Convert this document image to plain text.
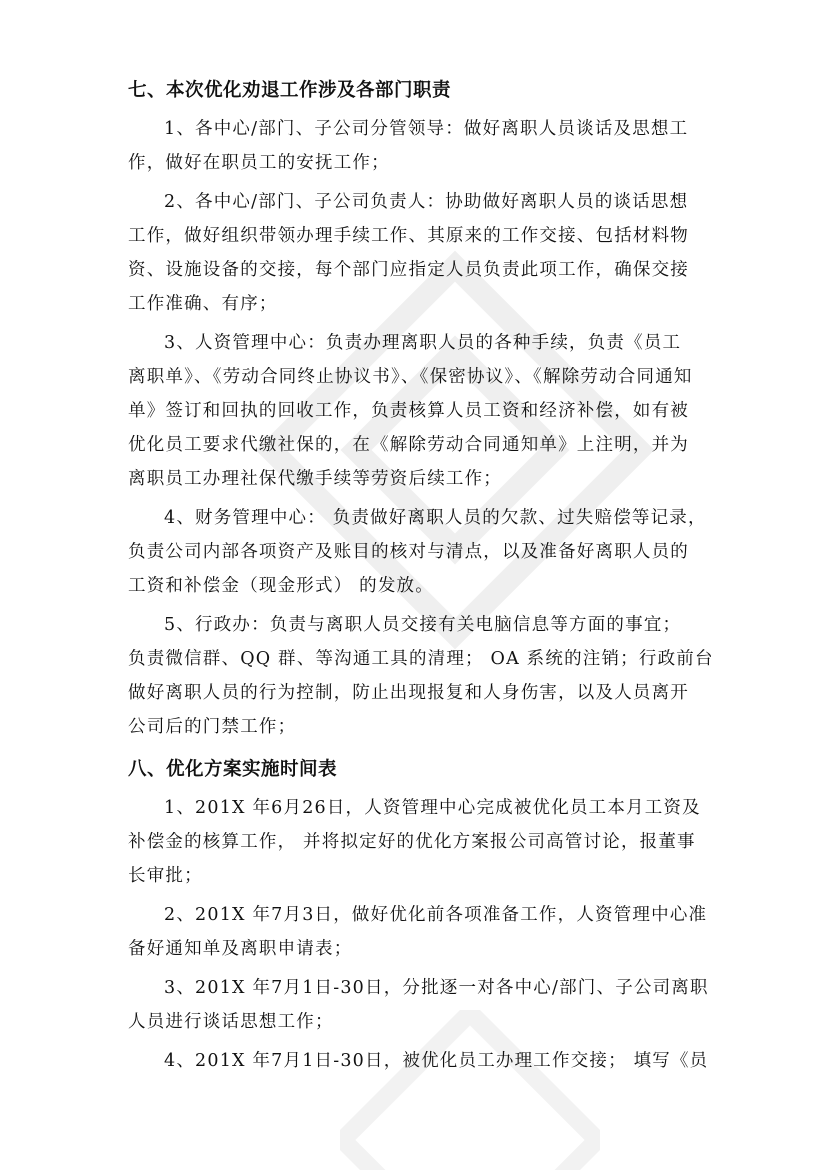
七、本次优化劝退工作涉及各部门职责

1、各中心/部门、子公司分管领导：做好离职人员谈话及思想工
作，做好在职员工的安抚工作；

2、各中心/部门、子公司负责人：协助做好离职人员的谈话思想
工作，做好组织带领办理手续工作、其原来的工作交接、包括材料物
资、设施设备的交接，每个部门应指定人员负责此项工作，确保交接
工作准确、有序；

3、人资管理中心：负责办理离职人员的各种手续，负责《员工
离职单》、《劳动合同终止协议书》、《保密协议》、《解除劳动合同通知
单》签订和回执的回收工作，负责核算人员工资和经济补偿，如有被
优化员工要求代缴社保的，在《解除劳动合同通知单》上注明，并为
离职员工办理社保代缴手续等劳资后续工作；

4、财务管理中心： 负责做好离职人员的欠款、过失赔偿等记录，
负责公司内部各项资产及账目的核对与清点，以及准备好离职人员的
工资和补偿金（现金形式） 的发放。

5、行政办：负责与离职人员交接有关电脑信息等方面的事宜；
负责微信群、QQ 群、等沟通工具的清理； OA 系统的注销；行政前台
做好离职人员的行为控制，防止出现报复和人身伤害，以及人员离开
公司后的门禁工作；

八、优化方案实施时间表

1、201X 年6月26日，人资管理中心完成被优化员工本月工资及
补偿金的核算工作， 并将拟定好的优化方案报公司高管讨论，报董事
长审批；

2、201X 年7月3日，做好优化前各项准备工作，人资管理中心准
备好通知单及离职申请表；

3、201X 年7月1日-30日，分批逐一对各中心/部门、子公司离职
人员进行谈话思想工作；

4、201X 年7月1日-30日，被优化员工办理工作交接； 填写《员
